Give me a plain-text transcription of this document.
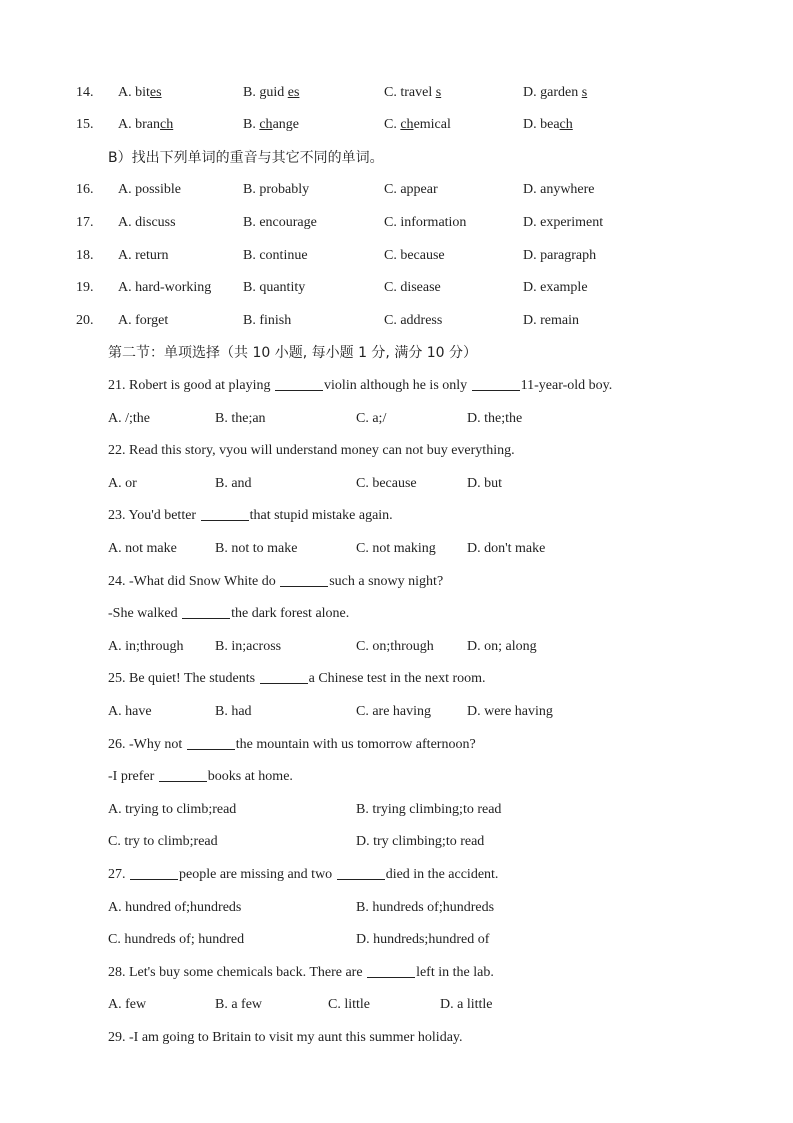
14. A. bites	B. guid es	C. travel s	D. garden s
15. A. branch	B. change	C. chemical	D. beach
B）找出下列单词的重音与其它不同的单词。
16. A. possible	B. probably	C. appear	D. anywhere
17. A. discuss	B. encourage	C. information	D. experiment
18. A. return	B. continue	C. because	D. paragraph
19. A. hard-working B. quantity	C. disease	D. example
20. A. forget	B. finish	C. address	D. remain
第二节：单项选择（共 10 小题, 每小题 1 分, 满分 10 分）
21. Robert is good at playing	violin although he is only	11-year-old boy.
A. /;the	B. the;an	C. a;/	D. the;the
22. Read this story, vyou will understand money can not buy everything.
A. or	B. and	C. because	D. but
23. You'd better	that stupid mistake again.
A. not make	B. not to make	C. not making D. don't make
24. -What did Snow White do	such a snowy night?
-She walked	the dark forest alone.
A. in;through B. in;across	C. on;through D. on; along
25. Be quiet! The students	a Chinese test in the next room.
A. have	B. had	C. are having	D. were having
26. -Why not	the mountain with us tomorrow afternoon?
-I prefer	books at home.
A. trying to climb;read	B. trying climbing;to read
C. try to climb;read	D. try climbing;to read
27.	people are missing and two	died in the accident.
A. hundred of;hundreds	B. hundreds of;hundreds
C. hundreds of; hundred	D. hundreds;hundred of
28. Let's buy some chemicals back. There are	left in the lab.
A. few	B. a few	C. little	D. a little
29. -I am going to Britain to visit my aunt this summer holiday.
